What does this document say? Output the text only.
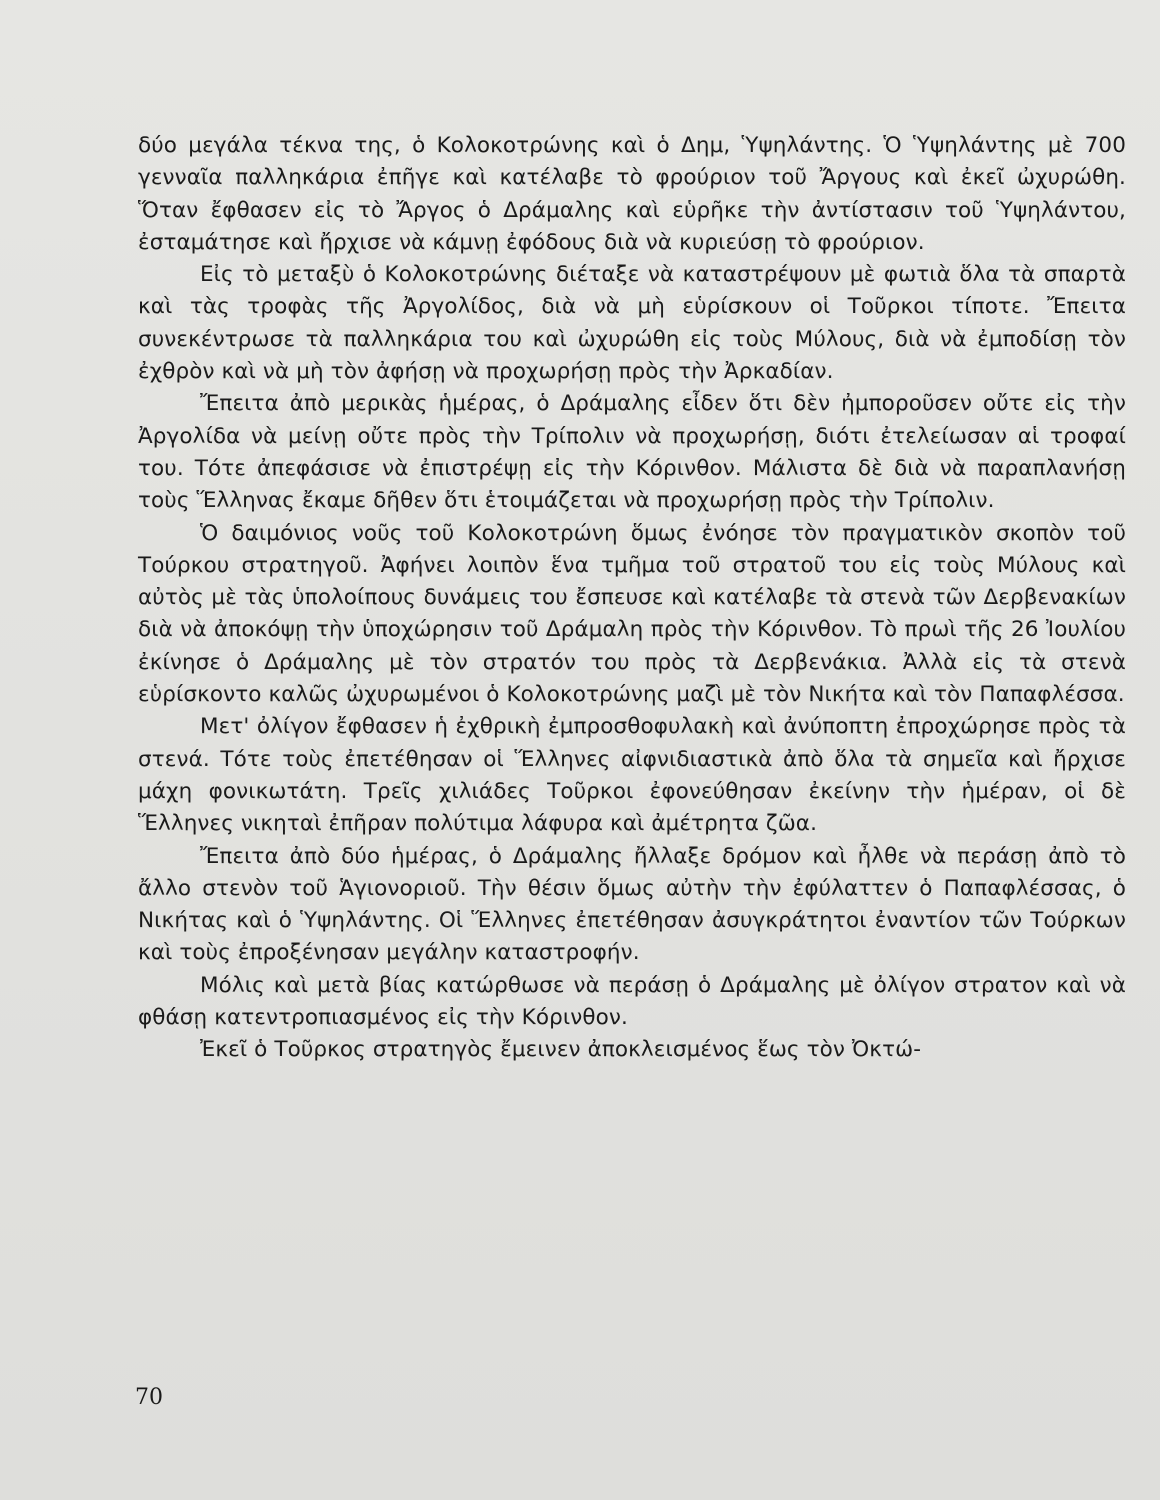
δύο μεγάλα τέκνα της, ὁ Κολοκοτρώνης καὶ ὁ Δημ, Ὑψηλάντης. Ὁ Ὑψηλάντης μὲ 700 γενναῖα παλληκάρια ἐπῆγε καὶ κατέλαβε τὸ φρούριον τοῦ Ἄργους καὶ ἐκεῖ ὠχυρώθη. Ὅταν ἔφθασεν εἰς τὸ Ἄργος ὁ Δράμαλης καὶ εὑρῆκε τὴν ἀντίστασιν τοῦ Ὑψηλάντου, ἐσταμάτησε καὶ ἤρχισε νὰ κάμνῃ ἐφόδους διὰ νὰ κυριεύσῃ τὸ φρούριον.

Εἰς τὸ μεταξὺ ὁ Κολοκοτρώνης διέταξε νὰ καταστρέψουν μὲ φωτιὰ ὅλα τὰ σπαρτὰ καὶ τὰς τροφὰς τῆς Ἀργολίδος, διὰ νὰ μὴ εὑρίσκουν οἱ Τοῦρκοι τίποτε. Ἔπειτα συνεκέντρωσε τὰ παλληκάρια του καὶ ὠχυρώθη εἰς τοὺς Μύλους, διὰ νὰ ἐμποδίσῃ τὸν ἐχθρὸν καὶ νὰ μὴ τὸν ἀφήσῃ νὰ προχωρήσῃ πρὸς τὴν Ἀρκαδίαν.

Ἔπειτα ἀπὸ μερικὰς ἡμέρας, ὁ Δράμαλης εἶδεν ὅτι δὲν ἠμποροῦσεν οὔτε εἰς τὴν Ἀργολίδα νὰ μείνῃ οὔτε πρὸς τὴν Τρίπολιν νὰ προχωρήσῃ, διότι ἐτελείωσαν αἱ τροφαί του. Τότε ἀπεφάσισε νὰ ἐπιστρέψῃ εἰς τὴν Κόρινθον. Μάλιστα δὲ διὰ νὰ παραπλανήσῃ τοὺς Ἕλληνας ἔκαμε δῆθεν ὅτι ἑτοιμάζεται νὰ προχωρήσῃ πρὸς τὴν Τρίπολιν.

Ὁ δαιμόνιος νοῦς τοῦ Κολοκοτρώνη ὅμως ἐνόησε τὸν πραγματικὸν σκοπὸν τοῦ Τούρκου στρατηγοῦ. Ἀφήνει λοιπὸν ἕνα τμῆμα τοῦ στρατοῦ του εἰς τοὺς Μύλους καὶ αὐτὸς μὲ τὰς ὑπολοίπους δυνάμεις του ἔσπευσε καὶ κατέλαβε τὰ στενὰ τῶν Δερβενακίων διὰ νὰ ἀποκόψῃ τὴν ὑποχώρησιν τοῦ Δράμαλη πρὸς τὴν Κόρινθον. Τὸ πρωὶ τῆς 26 Ἰουλίου ἐκίνησε ὁ Δράμαλης μὲ τὸν στρατόν του πρὸς τὰ Δερβενάκια. Ἀλλὰ εἰς τὰ στενὰ εὑρίσκοντο καλῶς ὠχυρωμένοι ὁ Κολοκοτρώνης μαζὶ μὲ τὸν Νικήτα καὶ τὸν Παπαφλέσσα.

Μετ' ὀλίγον ἔφθασεν ἡ ἐχθρικὴ ἐμπροσθοφυλακὴ καὶ ἀνύποπτη ἐπροχώρησε πρὸς τὰ στενά. Τότε τοὺς ἐπετέθησαν οἱ Ἕλληνες αἰφνιδιαστικὰ ἀπὸ ὅλα τὰ σημεῖα καὶ ἤρχισε μάχη φονικωτάτη. Τρεῖς χιλιάδες Τοῦρκοι ἐφονεύθησαν ἐκείνην τὴν ἡμέραν, οἱ δὲ Ἕλληνες νικηταὶ ἐπῆραν πολύτιμα λάφυρα καὶ ἀμέτρητα ζῶα.

Ἔπειτα ἀπὸ δύο ἡμέρας, ὁ Δράμαλης ἤλλαξε δρόμον καὶ ἦλθε νὰ περάσῃ ἀπὸ τὸ ἄλλο στενὸν τοῦ Ἁγιονοριοῦ. Τὴν θέσιν ὅμως αὐτὴν τὴν ἐφύλαττεν ὁ Παπαφλέσσας, ὁ Νικήτας καὶ ὁ Ὑψηλάντης. Οἱ Ἕλληνες ἐπετέθησαν ἀσυγκράτητοι ἐναντίον τῶν Τούρκων καὶ τοὺς ἐπροξένησαν μεγάλην καταστροφήν.

Μόλις καὶ μετὰ βίας κατώρθωσε νὰ περάσῃ ὁ Δράμαλης μὲ ὀλίγον στρατον καὶ νὰ φθάσῃ κατεντροπιασμένος εἰς τὴν Κόρινθον.

Ἐκεῖ ὁ Τοῦρκος στρατηγὸς ἔμεινεν ἀποκλεισμένος ἕως τὸν Ὀκτώ-

70
